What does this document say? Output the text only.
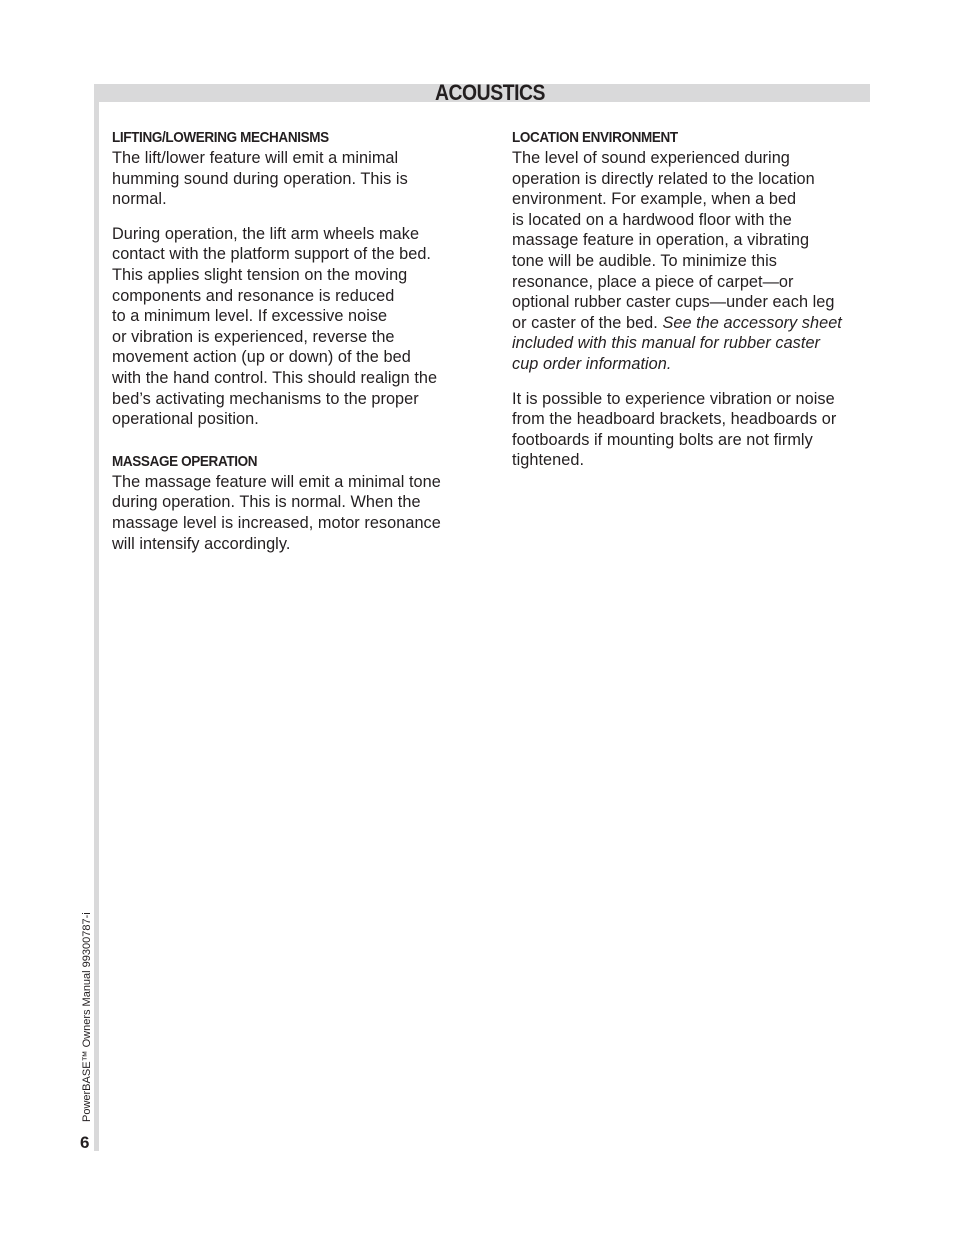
ACOUSTICS
LIFTING/LOWERING MECHANISMS

The lift/lower feature will emit a minimal
humming sound during operation. This is
normal.

During operation, the lift arm wheels make
contact with the platform support of the bed.
This applies slight tension on the moving
components and resonance is reduced
to a minimum level. If excessive noise
or vibration is experienced, reverse the
movement action (up or down) of the bed
with the hand control. This should realign the
bed’s activating mechanisms to the proper
operational position.

MASSAGE OPERATION

The massage feature will emit a minimal tone
during operation. This is normal. When the
massage level is increased, motor resonance
will intensify accordingly.

LOCATION ENVIRONMENT

The level of sound experienced during
operation is directly related to the location
environment. For example, when a bed
is located on a hardwood floor with the
massage feature in operation, a vibrating
tone will be audible. To minimize this
resonance, place a piece of carpet—or
optional rubber caster cups—under each leg
or caster of the bed. See the accessory sheet
included with this manual for rubber caster
cup order information.

It is possible to experience vibration or noise
from the headboard brackets, headboards or
footboards if mounting bolts are not firmly
tightened.

PowerBASE™ Owners Manual 99300787-i
6
